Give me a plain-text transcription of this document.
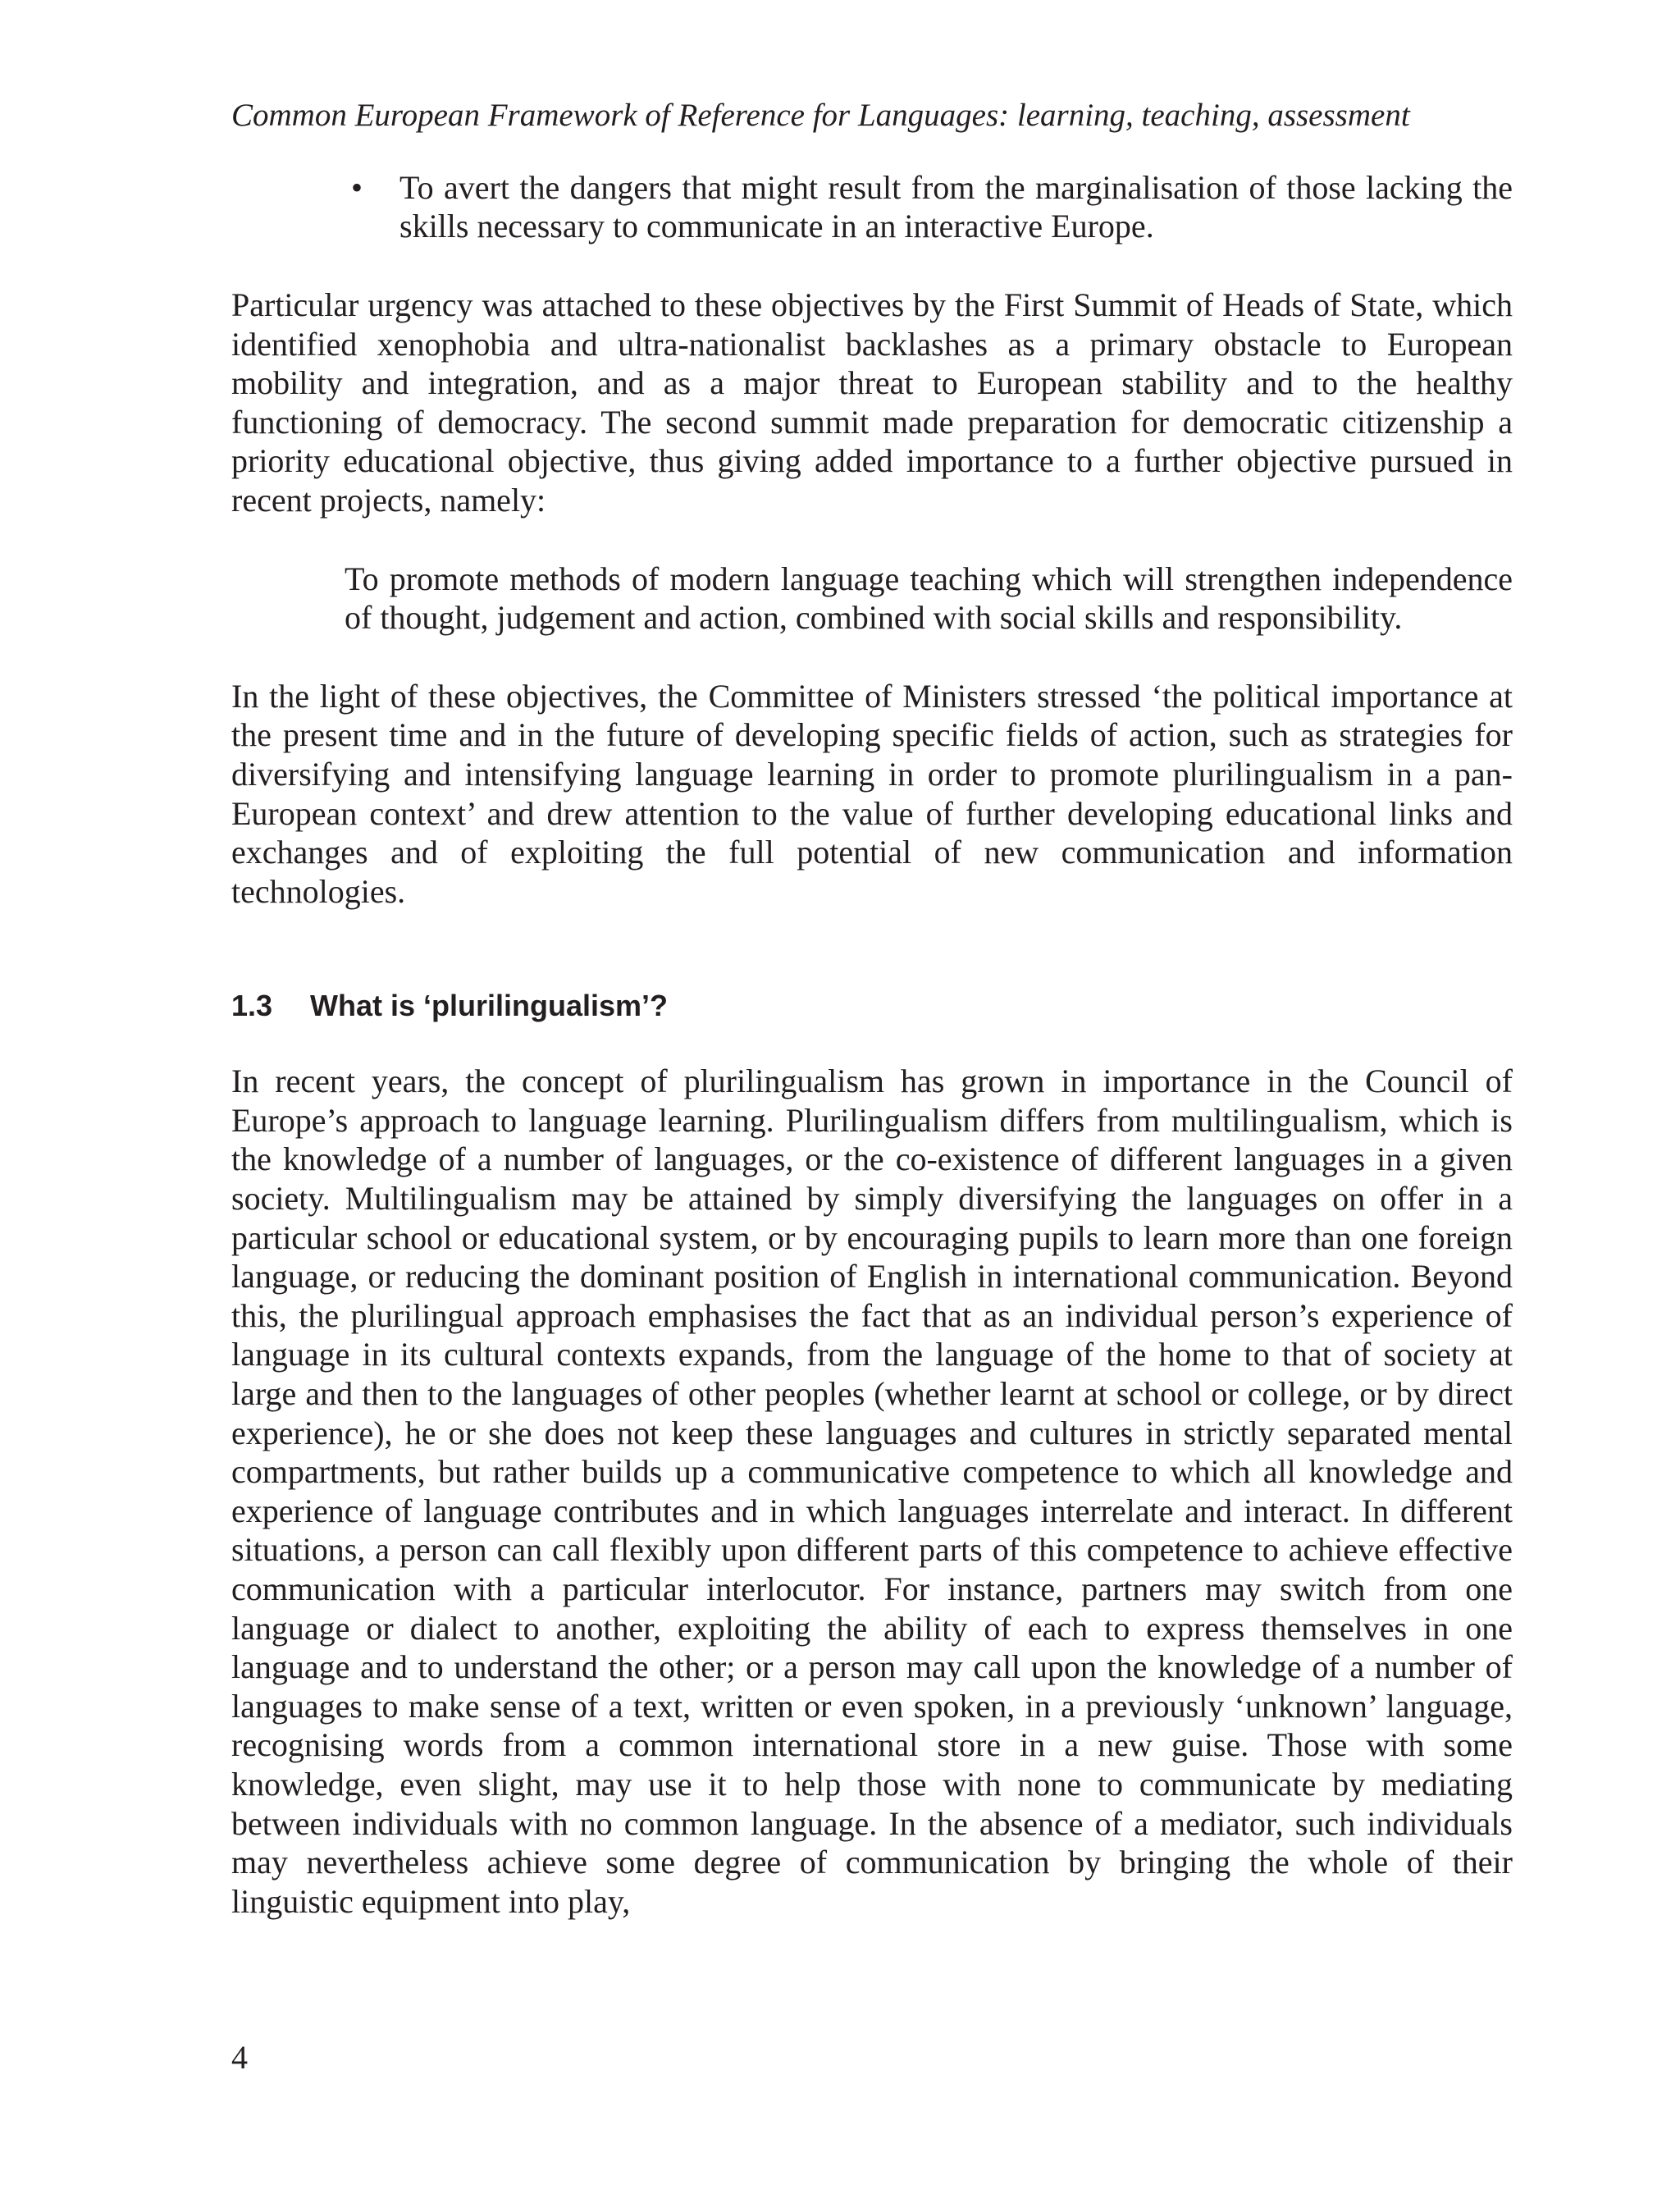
Common European Framework of Reference for Languages: learning, teaching, assessment
• To avert the dangers that might result from the marginalisation of those lacking the skills necessary to communicate in an interactive Europe.

Particular urgency was attached to these objectives by the First Summit of Heads of State, which identified xenophobia and ultra-nationalist backlashes as a primary obstacle to European mobility and integration, and as a major threat to European stability and to the healthy functioning of democracy. The second summit made preparation for democratic citizenship a priority educational objective, thus giving added importance to a further objective pursued in recent projects, namely:

To promote methods of modern language teaching which will strengthen independence of thought, judgement and action, combined with social skills and responsibility.

In the light of these objectives, the Committee of Ministers stressed ‘the political importance at the present time and in the future of developing specific fields of action, such as strategies for diversifying and intensifying language learning in order to promote plurilingualism in a pan-European context’ and drew attention to the value of further developing educational links and exchanges and of exploiting the full potential of new communication and information technologies.

1.3 What is ‘plurilingualism’?

In recent years, the concept of plurilingualism has grown in importance in the Council of Europe’s approach to language learning. Plurilingualism differs from multilingualism, which is the knowledge of a number of languages, or the co-existence of different languages in a given society. Multilingualism may be attained by simply diversifying the languages on offer in a particular school or educational system, or by encouraging pupils to learn more than one foreign language, or reducing the dominant position of English in international communication. Beyond this, the plurilingual approach emphasises the fact that as an individual person’s experience of language in its cultural contexts expands, from the language of the home to that of society at large and then to the languages of other peoples (whether learnt at school or college, or by direct experience), he or she does not keep these languages and cultures in strictly separated mental compartments, but rather builds up a communicative competence to which all knowledge and experience of language contributes and in which languages interrelate and interact. In different situations, a person can call flexibly upon different parts of this competence to achieve effective communication with a particular interlocutor. For instance, partners may switch from one language or dialect to another, exploiting the ability of each to express themselves in one language and to understand the other; or a person may call upon the knowledge of a number of languages to make sense of a text, written or even spoken, in a previously ‘unknown’ language, recognising words from a common international store in a new guise. Those with some knowledge, even slight, may use it to help those with none to communicate by mediating between individuals with no common language. In the absence of a mediator, such individuals may nevertheless achieve some degree of communication by bringing the whole of their linguistic equipment into play,

4
